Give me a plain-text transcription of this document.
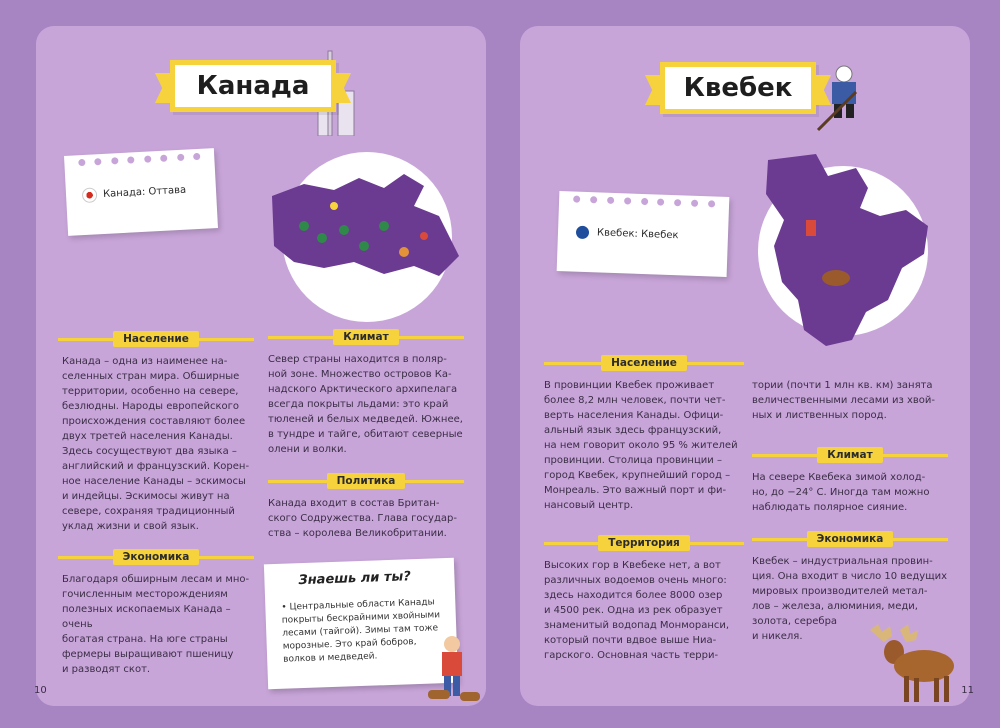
Канада
Канада: Оттава
Население
Канада – одна из наименее на-
селенных стран мира. Обширные
территории, особенно на севере,
безлюдны. Народы европейского
происхождения составляют более
двух третей населения Канады.
Здесь сосуществуют два языка –
английский и французский. Корен-
ное население Канады – эскимосы
и индейцы. Эскимосы живут на
севере, сохраняя традиционный
уклад жизни и свой язык.
Экономика
Благодаря обширным лесам и мно-
гочисленным месторождениям
полезных ископаемых Канада – очень
богатая страна. На юге страны
фермеры выращивают пшеницу
и разводят скот.
Климат
Север страны находится в поляр-
ной зоне. Множество островов Ка-
надского Арктического архипелага
всегда покрыты льдами: это край
тюленей и белых медведей. Южнее,
в тундре и тайге, обитают северные
олени и волки.
Политика
Канада входит в состав Британ-
ского Содружества. Глава государ-
ства – королева Великобритании.
Знаешь ли ты?
• Центральные области Канады покрыты бескрайними хвойными лесами (тайгой). Зимы там тоже морозные. Это край бобров, волков и медведей.
10
Квебек
Квебек: Квебек
Население
В провинции Квебек проживает
более 8,2 млн человек, почти чет-
верть населения Канады. Офици-
альный язык здесь французский,
на нем говорит около 95 % жителей
провинции. Столица провинции –
город Квебек, крупнейший город –
Монреаль. Это важный порт и фи-
нансовый центр.
Территория
Высоких гор в Квебеке нет, а вот
различных водоемов очень много:
здесь находится более 8000 озер
и 4500 рек. Одна из рек образует
знаменитый водопад Монморанси,
который почти вдвое выше Ниа-
гарского. Основная часть терри-
тории (почти 1 млн кв. км) занята
величественными лесами из хвой-
ных и лиственных пород.
Климат
На севере Квебека зимой холод-
но, до −24° С. Иногда там можно
наблюдать полярное сияние.
Экономика
Квебек – индустриальная провин-
ция. Она входит в число 10 ведущих
мировых производителей метал-
лов – железа, алюминия, меди,
золота, серебра
и никеля.
11
